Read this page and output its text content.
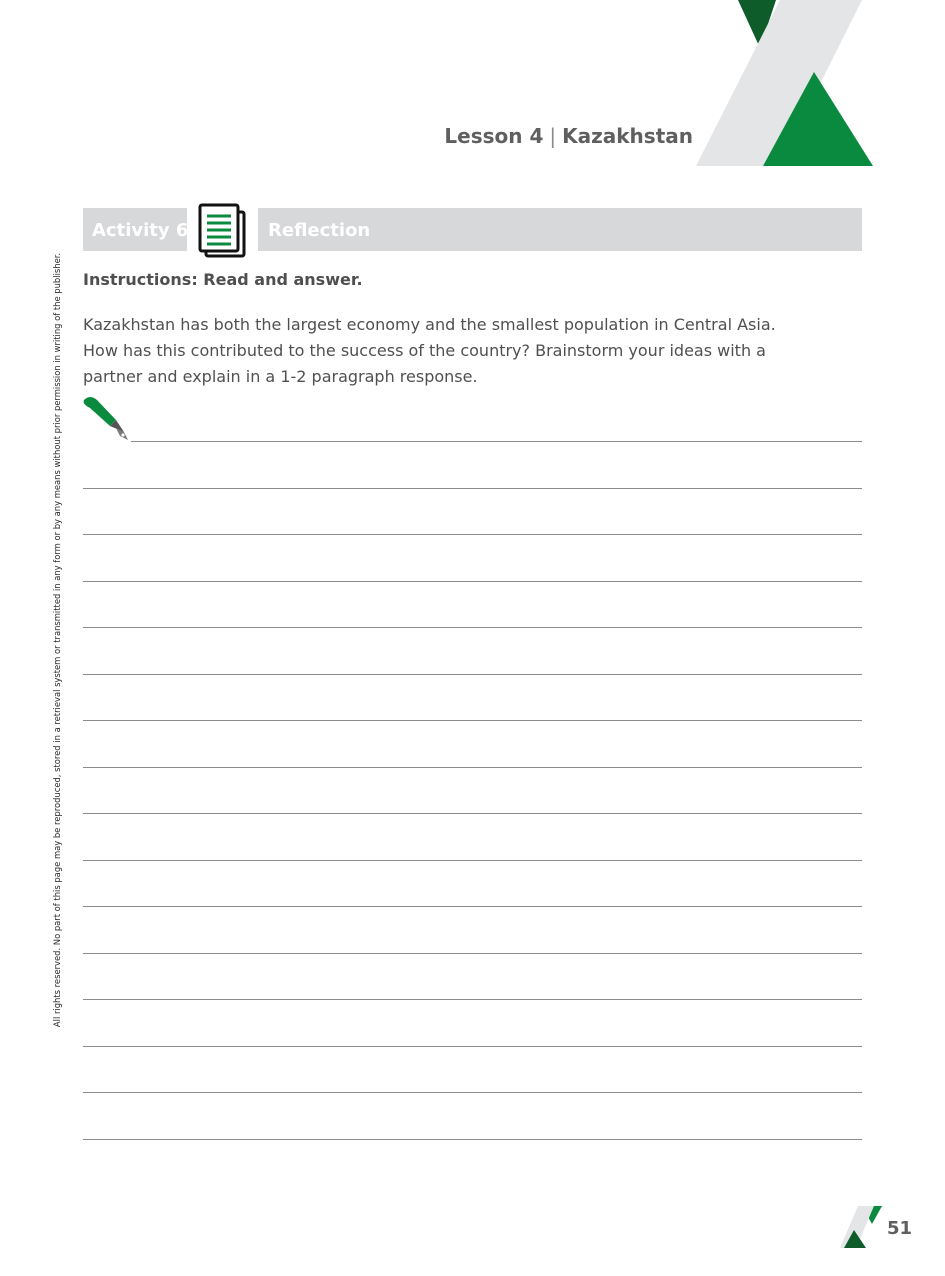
Lesson 4 | Kazakhstan
Activity 6:	Reflection
Instructions: Read and answer.
Kazakhstan has both the largest economy and the smallest population in Central Asia.
How has this contributed to the success of the country? Brainstorm your ideas with a
partner and explain in a 1-2 paragraph response.
All rights reserved. No part of this page may be reproduced, stored in a retrieval system or transmitted in any form or by any means without prior permission in writing of the publisher.
51
